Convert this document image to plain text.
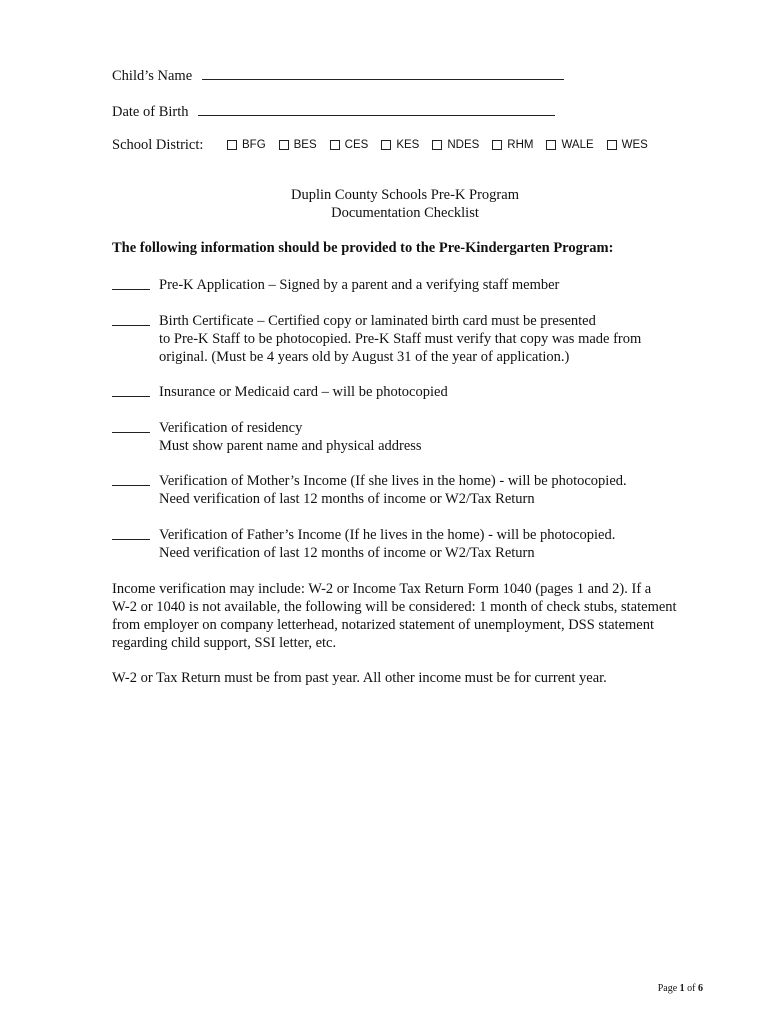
Child’s Name
Date of Birth
School District:	BFG BES CES KES NDES RHM WALE WES
Duplin County Schools Pre-K Program
Documentation Checklist
The following information should be provided to the Pre-Kindergarten Program:
Pre-K Application – Signed by a parent and a verifying staff member
Birth Certificate – Certified copy or laminated birth card must be presented
to Pre-K Staff to be photocopied. Pre-K Staff must verify that copy was made from
original. (Must be 4 years old by August 31 of the year of application.)
Insurance or Medicaid card – will be photocopied
Verification of residency
Must show parent name and physical address
Verification of Mother’s Income (If she lives in the home) - will be photocopied.
Need verification of last 12 months of income or W2/Tax Return
Verification of Father’s Income (If he lives in the home) - will be photocopied.
Need verification of last 12 months of income or W2/Tax Return
Income verification may include: W-2 or Income Tax Return Form 1040 (pages 1 and 2). If a
W-2 or 1040 is not available, the following will be considered: 1 month of check stubs, statement
from employer on company letterhead, notarized statement of unemployment, DSS statement
regarding child support, SSI letter, etc.
W-2 or Tax Return must be from past year. All other income must be for current year.
Page 1 of 6
